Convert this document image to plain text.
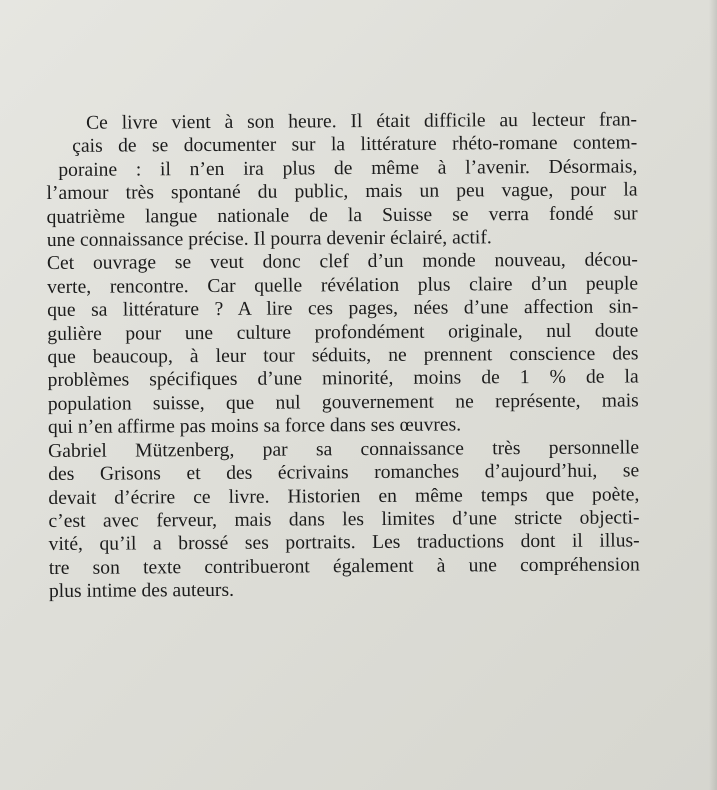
Ce livre vient à son heure. Il était difficile au lecteur fran-
çais de se documenter sur la littérature rhéto-romane contem-
poraine : il n’en ira plus de même à l’avenir. Désormais,
l’amour très spontané du public, mais un peu vague, pour la
quatrième langue nationale de la Suisse se verra fondé sur
une connaissance précise. Il pourra devenir éclairé, actif.
Cet ouvrage se veut donc clef d’un monde nouveau, décou-
verte, rencontre. Car quelle révélation plus claire d’un peuple
que sa littérature ? A lire ces pages, nées d’une affection sin-
gulière pour une culture profondément originale, nul doute
que beaucoup, à leur tour séduits, ne prennent conscience des
problèmes spécifiques d’une minorité, moins de 1 % de la
population suisse, que nul gouvernement ne représente, mais
qui n’en affirme pas moins sa force dans ses œuvres.
Gabriel Mützenberg, par sa connaissance très personnelle
des Grisons et des écrivains romanches d’aujourd’hui, se
devait d’écrire ce livre. Historien en même temps que poète,
c’est avec ferveur, mais dans les limites d’une stricte objecti-
vité, qu’il a brossé ses portraits. Les traductions dont il illus-
tre son texte contribueront également à une compréhension
plus intime des auteurs.
